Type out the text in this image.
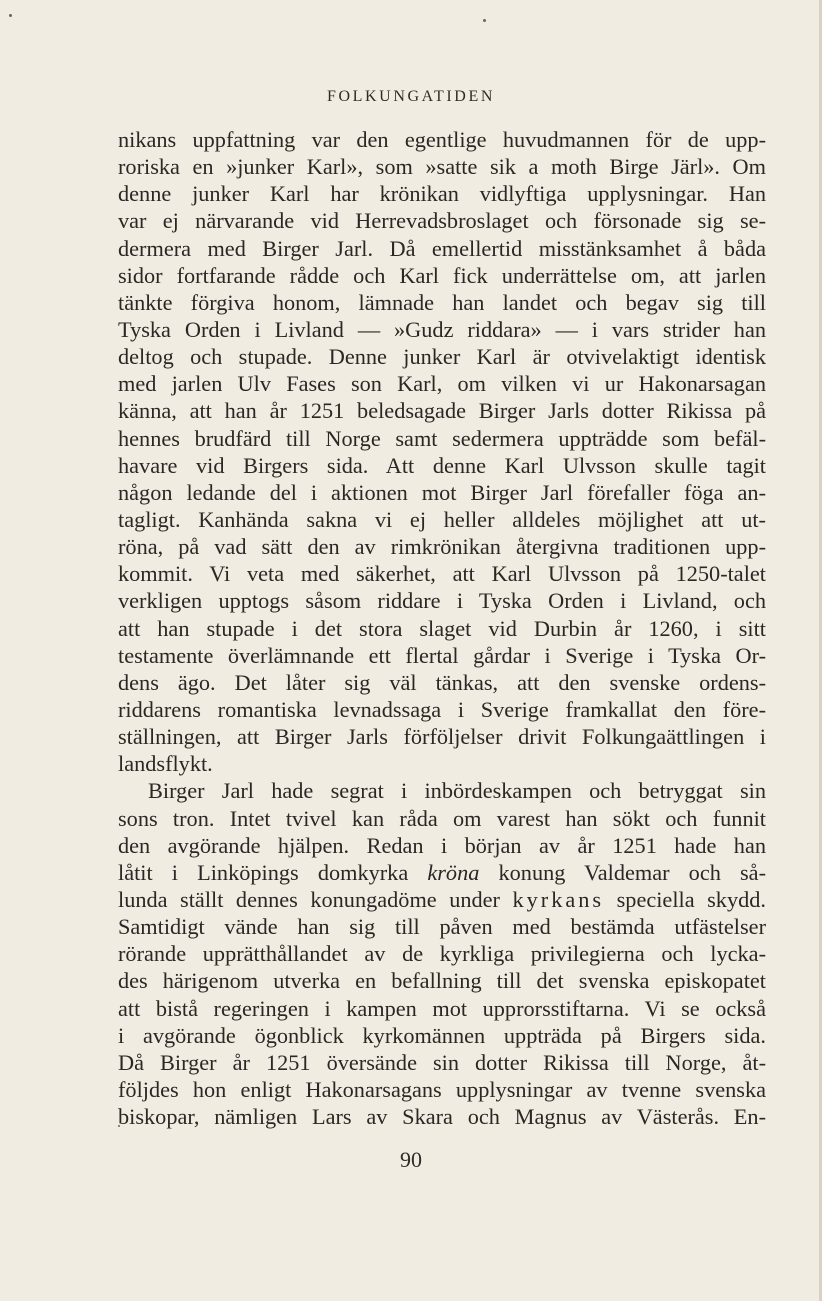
FOLKUNGATIDEN
nikans uppfattning var den egentlige huvudmannen för de upp-
roriska en »junker Karl», som »satte sik a moth Birge Järl». Om
denne junker Karl har krönikan vidlyftiga upplysningar. Han
var ej närvarande vid Herrevadsbroslaget och försonade sig se-
dermera med Birger Jarl. Då emellertid misstänksamhet å båda
sidor fortfarande rådde och Karl fick underrättelse om, att jarlen
tänkte förgiva honom, lämnade han landet och begav sig till
Tyska Orden i Livland — »Gudz riddara» — i vars strider han
deltog och stupade. Denne junker Karl är otvivelaktigt identisk
med jarlen Ulv Fases son Karl, om vilken vi ur Hakonarsagan
känna, att han år 1251 beledsagade Birger Jarls dotter Rikissa på
hennes brudfärd till Norge samt sedermera uppträdde som befäl-
havare vid Birgers sida. Att denne Karl Ulvsson skulle tagit
någon ledande del i aktionen mot Birger Jarl förefaller föga an-
tagligt. Kanhända sakna vi ej heller alldeles möjlighet att ut-
röna, på vad sätt den av rimkrönikan återgivna traditionen upp-
kommit. Vi veta med säkerhet, att Karl Ulvsson på 1250-talet
verkligen upptogs såsom riddare i Tyska Orden i Livland, och
att han stupade i det stora slaget vid Durbin år 1260, i sitt
testamente överlämnande ett flertal gårdar i Sverige i Tyska Or-
dens ägo. Det låter sig väl tänkas, att den svenske ordens-
riddarens romantiska levnadssaga i Sverige framkallat den före-
ställningen, att Birger Jarls förföljelser drivit Folkungaättlingen i
landsflykt.
Birger Jarl hade segrat i inbördeskampen och betryggat sin
sons tron. Intet tvivel kan råda om varest han sökt och funnit
den avgörande hjälpen. Redan i början av år 1251 hade han
låtit i Linköpings domkyrka kröna konung Valdemar och så-
lunda ställt dennes konungadöme under kyrkans speciella skydd.
Samtidigt vände han sig till påven med bestämda utfästelser
rörande upprätthållandet av de kyrkliga privilegierna och lycka-
des härigenom utverka en befallning till det svenska episkopatet
att bistå regeringen i kampen mot upprorsstiftarna. Vi se också
i avgörande ögonblick kyrkomännen uppträda på Birgers sida.
Då Birger år 1251 översände sin dotter Rikissa till Norge, åt-
följdes hon enligt Hakonarsagans upplysningar av tvenne svenska
biskopar, nämligen Lars av Skara och Magnus av Västerås. En-
90
